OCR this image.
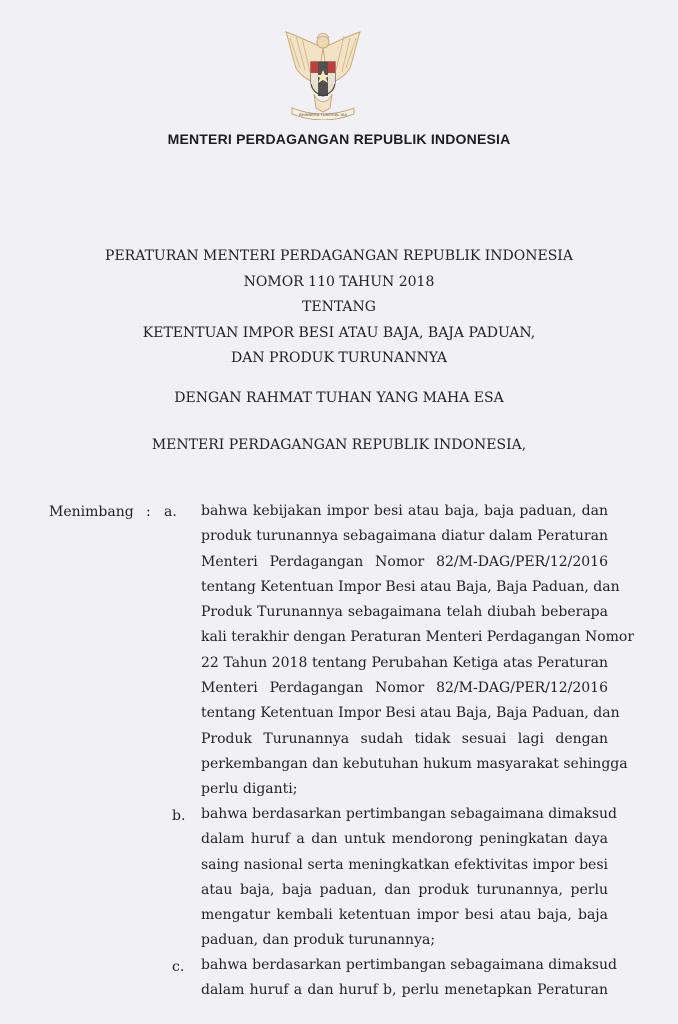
BHINNEKA TUNGGAL IKA
MENTERI PERDAGANGAN REPUBLIK INDONESIA
PERATURAN MENTERI PERDAGANGAN REPUBLIK INDONESIA
NOMOR 110 TAHUN 2018
TENTANG
KETENTUAN IMPOR BESI ATAU BAJA, BAJA PADUAN,
DAN PRODUK TURUNANNYA
DENGAN RAHMAT TUHAN YANG MAHA ESA
MENTERI PERDAGANGAN REPUBLIK INDONESIA,
Menimbang : a. bahwa kebijakan impor besi atau baja, baja paduan, dan
produk turunannya sebagaimana diatur dalam Peraturan
Menteri Perdagangan Nomor 82/M-DAG/PER/12/2016
tentang Ketentuan Impor Besi atau Baja, Baja Paduan, dan
Produk Turunannya sebagaimana telah diubah beberapa
kali terakhir dengan Peraturan Menteri Perdagangan Nomor
22 Tahun 2018 tentang Perubahan Ketiga atas Peraturan
Menteri Perdagangan Nomor 82/M-DAG/PER/12/2016
tentang Ketentuan Impor Besi atau Baja, Baja Paduan, dan
Produk Turunannya sudah tidak sesuai lagi dengan
perkembangan dan kebutuhan hukum masyarakat sehingga
perlu diganti;
b. bahwa berdasarkan pertimbangan sebagaimana dimaksud
dalam huruf a dan untuk mendorong peningkatan daya
saing nasional serta meningkatkan efektivitas impor besi
atau baja, baja paduan, dan produk turunannya, perlu
mengatur kembali ketentuan impor besi atau baja, baja
paduan, dan produk turunannya;
c. bahwa berdasarkan pertimbangan sebagaimana dimaksud
dalam huruf a dan huruf b, perlu menetapkan Peraturan
